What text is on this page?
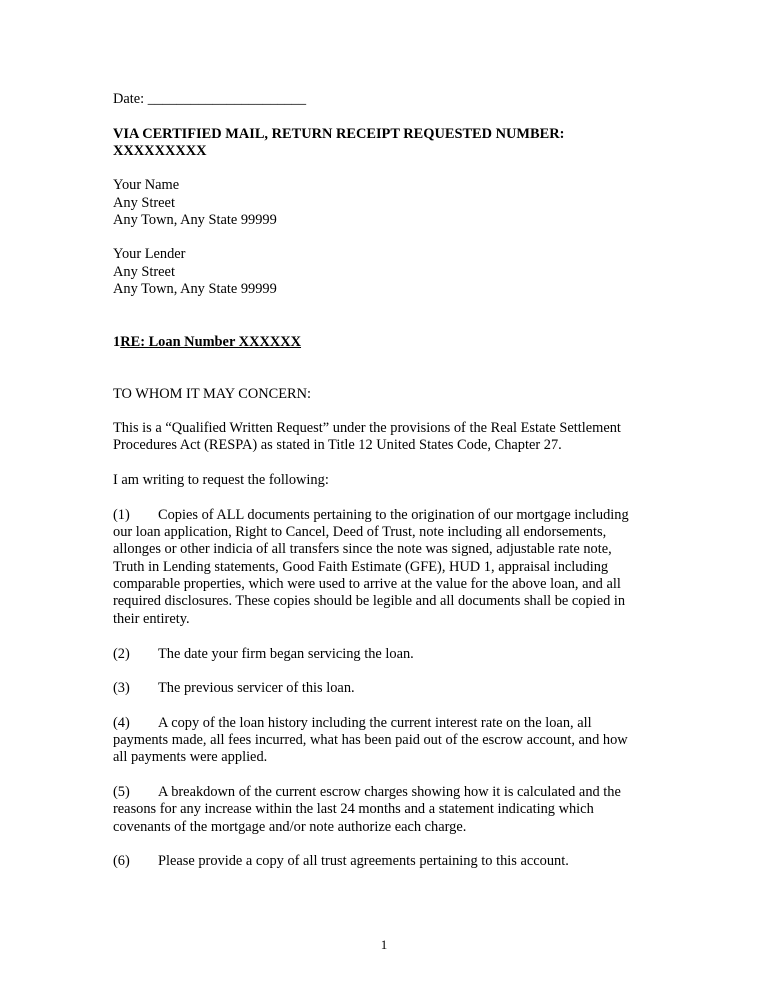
Date: ______________________
VIA CERTIFIED MAIL, RETURN RECEIPT REQUESTED NUMBER:
XXXXXXXXX
Your Name
Any Street
Any Town, Any State 99999
Your Lender
Any Street
Any Town, Any State 99999
1RE: Loan Number XXXXXX
TO WHOM IT MAY CONCERN:
This is a “Qualified Written Request” under the provisions of the Real Estate Settlement
Procedures Act (RESPA) as stated in Title 12 United States Code, Chapter 27.
I am writing to request the following:
(1) Copies of ALL documents pertaining to the origination of our mortgage including
our loan application, Right to Cancel, Deed of Trust, note including all endorsements,
allonges or other indicia of all transfers since the note was signed, adjustable rate note,
Truth in Lending statements, Good Faith Estimate (GFE), HUD 1, appraisal including
comparable properties, which were used to arrive at the value for the above loan, and all
required disclosures. These copies should be legible and all documents shall be copied in
their entirety.
(2) The date your firm began servicing the loan.
(3) The previous servicer of this loan.
(4) A copy of the loan history including the current interest rate on the loan, all
payments made, all fees incurred, what has been paid out of the escrow account, and how
all payments were applied.
(5) A breakdown of the current escrow charges showing how it is calculated and the
reasons for any increase within the last 24 months and a statement indicating which
covenants of the mortgage and/or note authorize each charge.
(6) Please provide a copy of all trust agreements pertaining to this account.
1
